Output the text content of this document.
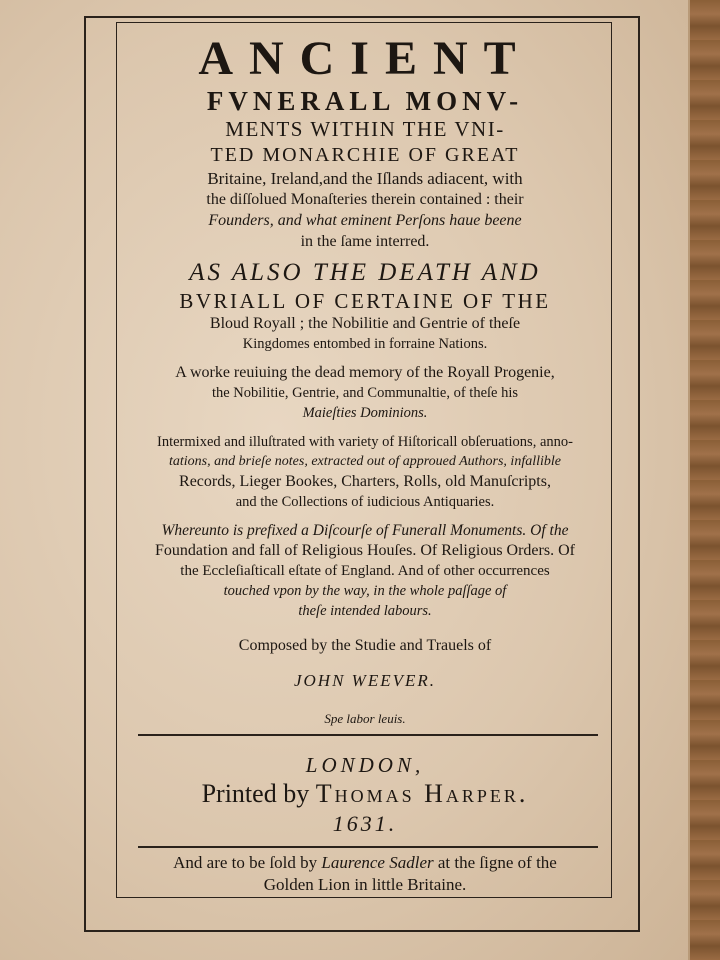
ANCIENT
FVNERALL MONV-
MENTS WITHIN THE VNI-
TED MONARCHIE OF GREAT
Britaine, Ireland,and the Iſlands adiacent, with
the diſſolued Monaſteries therein contained : their
Founders, and what eminent Perſons haue beene
in the ſame interred.
AS ALSO THE DEATH AND
BVRIALL OF CERTAINE OF THE
Bloud Royall ; the Nobilitie and Gentrie of theſe
Kingdomes entombed in forraine Nations.
A worke reuiuing the dead memory of the Royall Progenie,
the Nobilitie, Gentrie, and Communaltie, of theſe his
Maieſties Dominions.
Intermixed and illuſtrated with variety of Hiſtoricall obſeruations, anno-
tations, and brieſe notes, extracted out of approued Authors, infallible
Records, Lieger Bookes, Charters, Rolls, old Manuſcripts,
and the Collections of iudicious Antiquaries.
Whereunto is prefixed a Diſcourſe of Funerall Monuments. Of the
Foundation and fall of Religious Houſes. Of Religious Orders. Of
the Eccleſiaſticall eſtate of England. And of other occurrences
touched vpon by the way, in the whole paſſage of
theſe intended labours.
Composed by the Studie and Trauels of
JOHN WEEVER.
Spe labor leuis.
LONDON,
Printed by Thomas Harper.
1631.
And are to be ſold by Laurence Sadler at the ſigne of the
Golden Lion in little Britaine.
